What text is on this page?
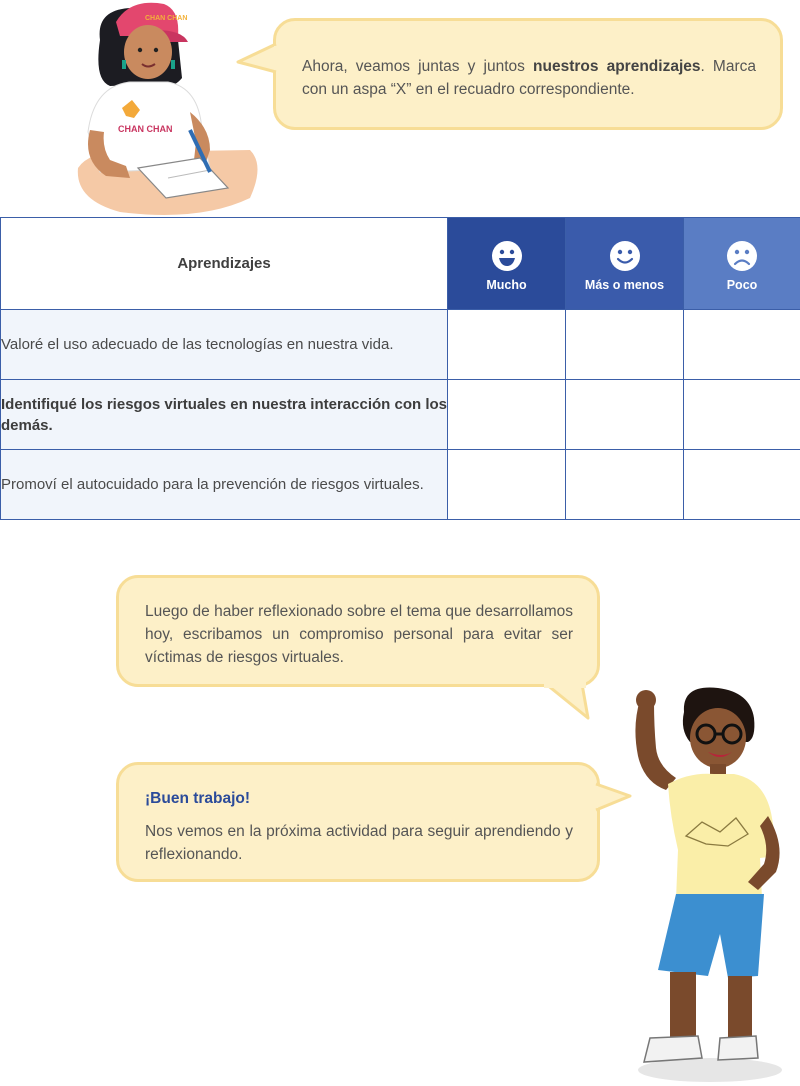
CHAN CHAN
CHAN CHAN
Ahora, veamos juntas y juntos nuestros aprendizajes. Marca con un aspa “X” en el recuadro correspondiente.
Aprendizajes	Mucho	Más o menos	Poco
Valoré el uso adecuado de las tecnologías en nuestra vida.			
Identifiqué los riesgos virtuales en nuestra interacción con los demás.			
Promoví el autocuidado para la prevención de riesgos virtuales.			
Luego de haber reflexionado sobre el tema que desarrollamos hoy, escribamos un compromiso personal para evitar ser víctimas de riesgos virtuales.
¡Buen trabajo!
Nos vemos en la próxima actividad para seguir aprendiendo y reflexionando.
